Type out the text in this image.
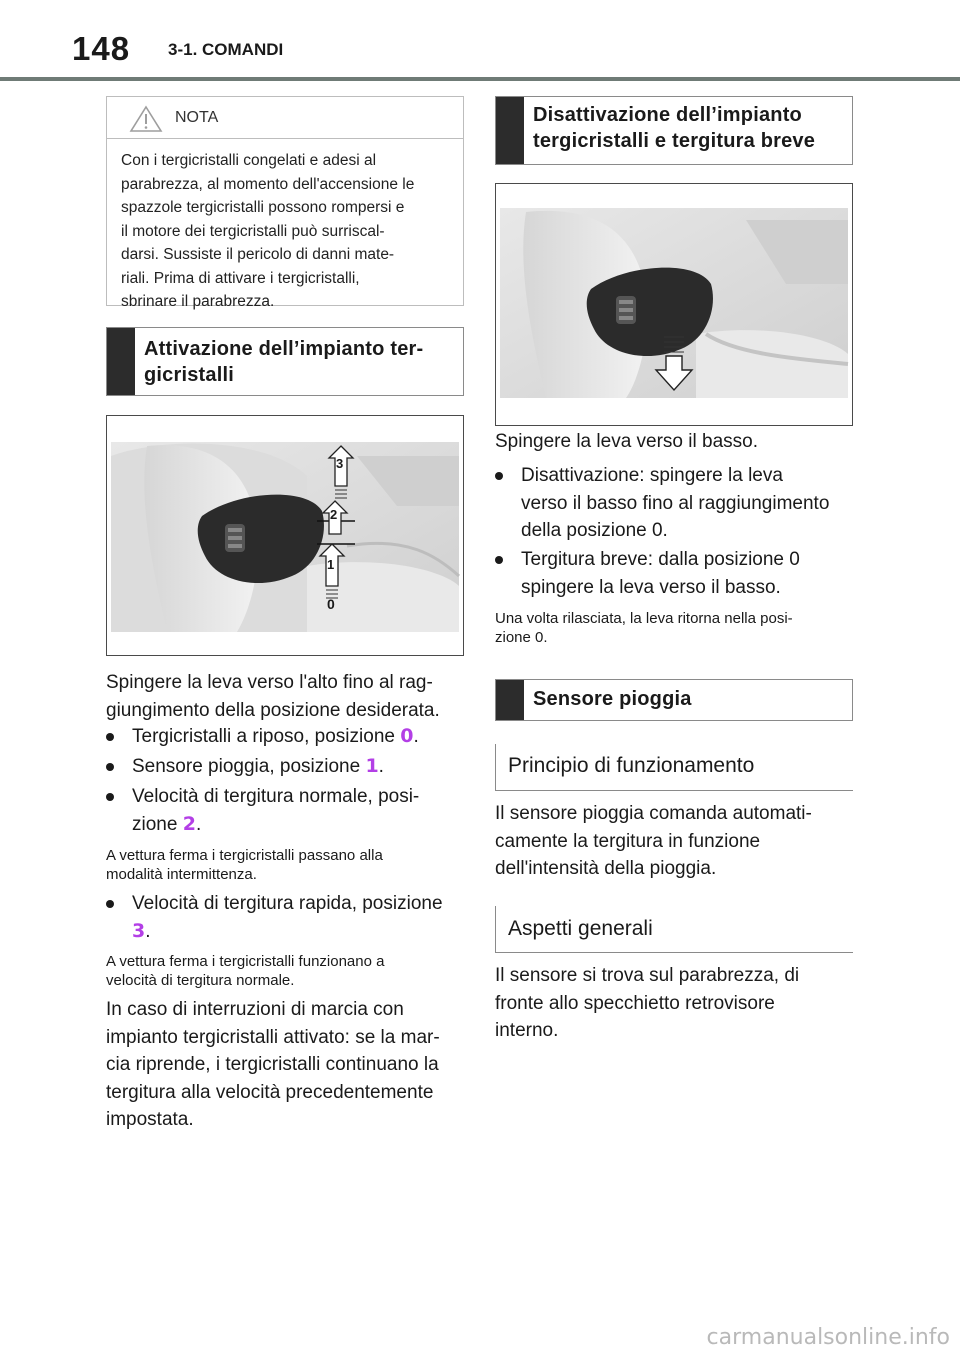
148 3-1. COMANDI
NOTA
Con i tergicristalli congelati e adesi al
parabrezza, al momento dell'accensione le
spazzole tergicristalli possono rompersi e
il motore dei tergicristalli può surriscal-
darsi. Sussiste il pericolo di danni mate-
riali. Prima di attivare i tergicristalli,
sbrinare il parabrezza.
Attivazione dell’impianto ter-
gicristalli
3
2
1
0
Spingere la leva verso l'alto fino al rag-
giungimento della posizione desiderata.
Tergicristalli a riposo, posizione 0.
Sensore pioggia, posizione 1.
Velocità di tergitura normale, posi-
zione 2.
A vettura ferma i tergicristalli passano alla
modalità intermittenza.
Velocità di tergitura rapida, posizione
3.
A vettura ferma i tergicristalli funzionano a
velocità di tergitura normale.
In caso di interruzioni di marcia con
impianto tergicristalli attivato: se la mar-
cia riprende, i tergicristalli continuano la
tergitura alla velocità precedentemente
impostata.
Disattivazione dell’impianto
tergicristalli e tergitura breve
Spingere la leva verso il basso.
Disattivazione: spingere la leva
verso il basso fino al raggiungimento
della posizione 0.
Tergitura breve: dalla posizione 0
spingere la leva verso il basso.
Una volta rilasciata, la leva ritorna nella posi-
zione 0.
Sensore pioggia
Principio di funzionamento
Il sensore pioggia comanda automati-
camente la tergitura in funzione
dell'intensità della pioggia.
Aspetti generali
Il sensore si trova sul parabrezza, di
fronte allo specchietto retrovisore
interno.
carmanualsonline.info
